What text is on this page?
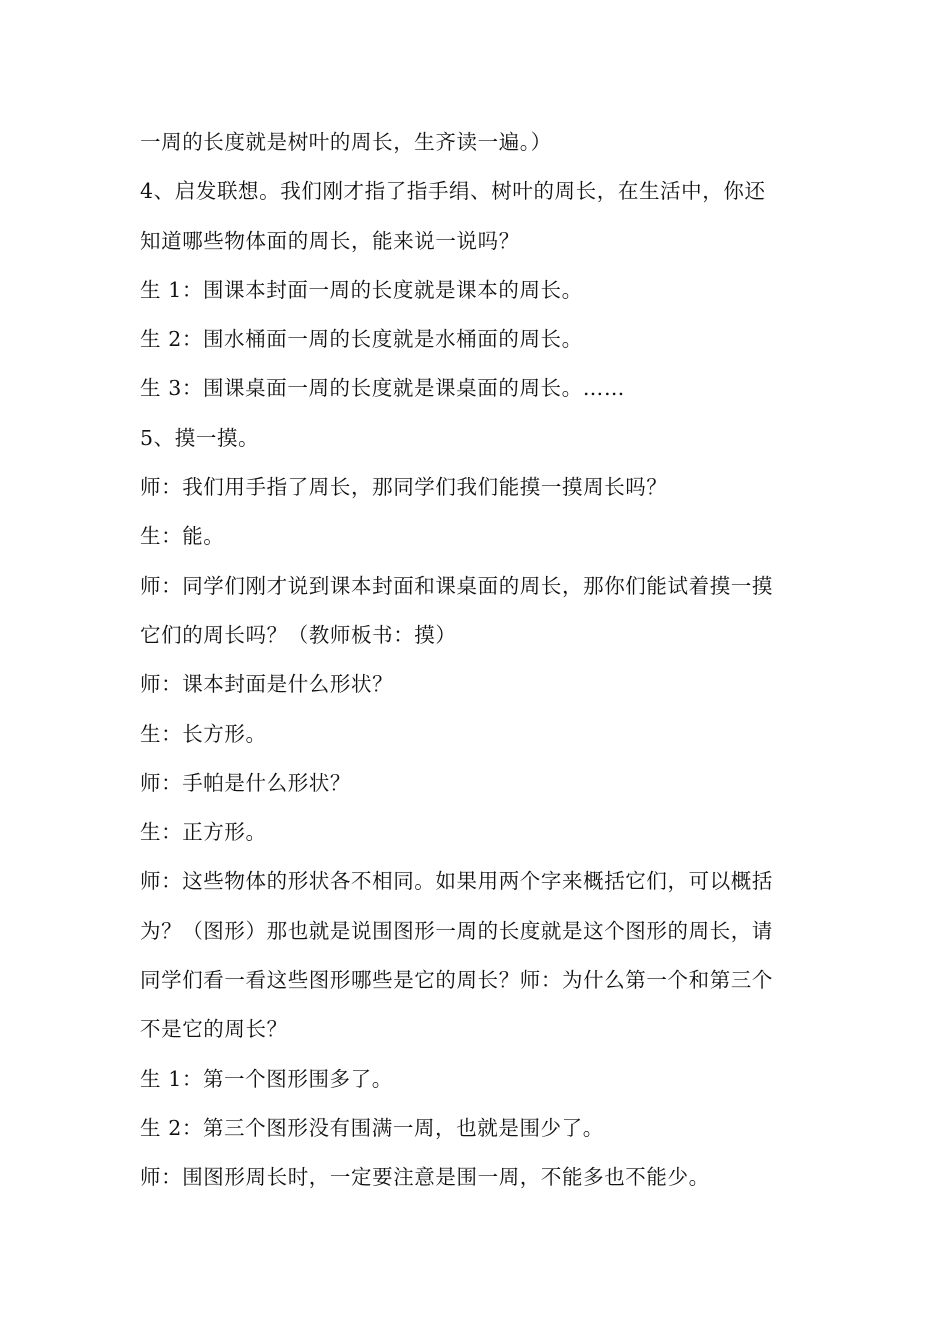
一周的长度就是树叶的周长，生齐读一遍。）
4、启发联想。我们刚才指了指手绢、树叶的周长，在生活中，你还
知道哪些物体面的周长，能来说一说吗？
生 1：围课本封面一周的长度就是课本的周长。
生 2：围水桶面一周的长度就是水桶面的周长。
生 3：围课桌面一周的长度就是课桌面的周长。……
5、摸一摸。
师：我们用手指了周长，那同学们我们能摸一摸周长吗？
生：能。
师：同学们刚才说到课本封面和课桌面的周长，那你们能试着摸一摸
它们的周长吗？（教师板书：摸）
师：课本封面是什么形状？
生：长方形。
师：手帕是什么形状？
生：正方形。
师：这些物体的形状各不相同。如果用两个字来概括它们，可以概括
为？（图形）那也就是说围图形一周的长度就是这个图形的周长，请
同学们看一看这些图形哪些是它的周长？师：为什么第一个和第三个
不是它的周长？
生 1：第一个图形围多了。
生 2：第三个图形没有围满一周，也就是围少了。
师：围图形周长时，一定要注意是围一周，不能多也不能少。
